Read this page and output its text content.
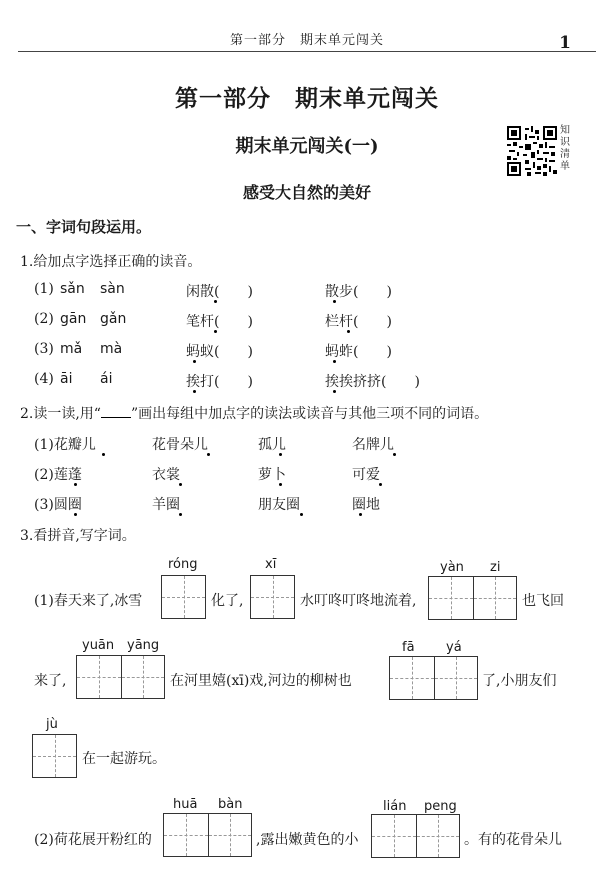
第一部分　期末单元闯关	1
第一部分　期末单元闯关
期末单元闯关(一)
知识清单
感受大自然的美好
一、字词句段运用。
1.给加点字选择正确的读音。
(1) sǎn sàn	闲散(　　)	散步(　　)
(2) gān gǎn	笔杆(　　)	栏杆(　　)
(3) mǎ mà	蚂蚁(　　)	蚂蚱(　　)
(4) āi ái	挨打(　　)	挨挨挤挤(　　)
2.读一读,用“ ”画出每组中加点字的读法或读音与其他三项不同的词语。
(1)花瓣儿	花骨朵儿	孤儿	名牌儿
(2)莲蓬	衣裳	萝卜	可爱
(3)圆圈	羊圈	朋友圈	圈地
3.看拼音,写字词。
(1)春天来了,冰雪
róng
化了,
xī
水叮咚叮咚地流着,
yàn zi
也飞回
来了,
yuān yāng
在河里嬉(xī)戏,河边的柳树也
fā yá
了,小朋友们
jù
在一起游玩。
(2)荷花展开粉红的
huā bàn
,露出嫩黄色的小
lián peng
。有的花骨朵儿
